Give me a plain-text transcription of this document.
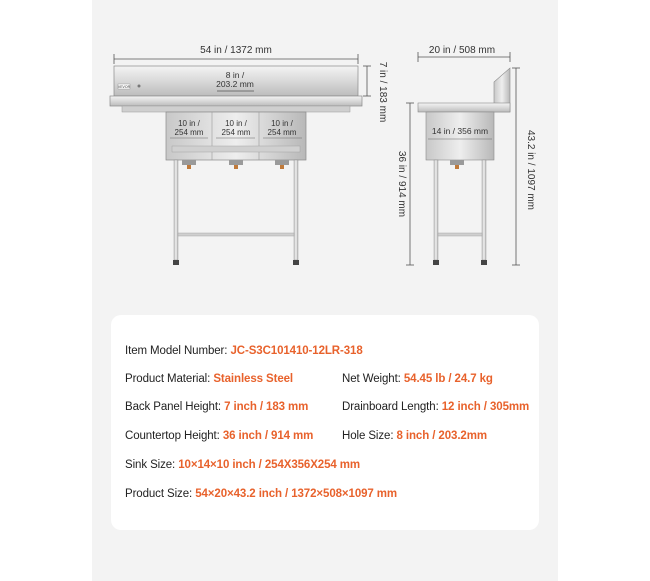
54 in / 1372 mm
VEVOR
8 in /
203.2 mm
10 in /
254 mm
10 in /
254 mm
10 in /
254 mm
7 in / 183 mm
20 in / 508 mm
14 in / 356 mm
36 in / 914 mm	43.2 in / 1097 mm
Item Model Number: JC-S3C101410-12LR-318
Product Material: Stainless Steel	Net Weight: 54.45 lb / 24.7 kg
Back Panel Height: 7 inch / 183 mm	Drainboard Length: 12 inch / 305mm
Countertop Height: 36 inch / 914 mm Hole Size: 8 inch / 203.2mm
Sink Size: 10×14×10 inch / 254X356X254 mm
Product Size: 54×20×43.2 inch / 1372×508×1097 mm
